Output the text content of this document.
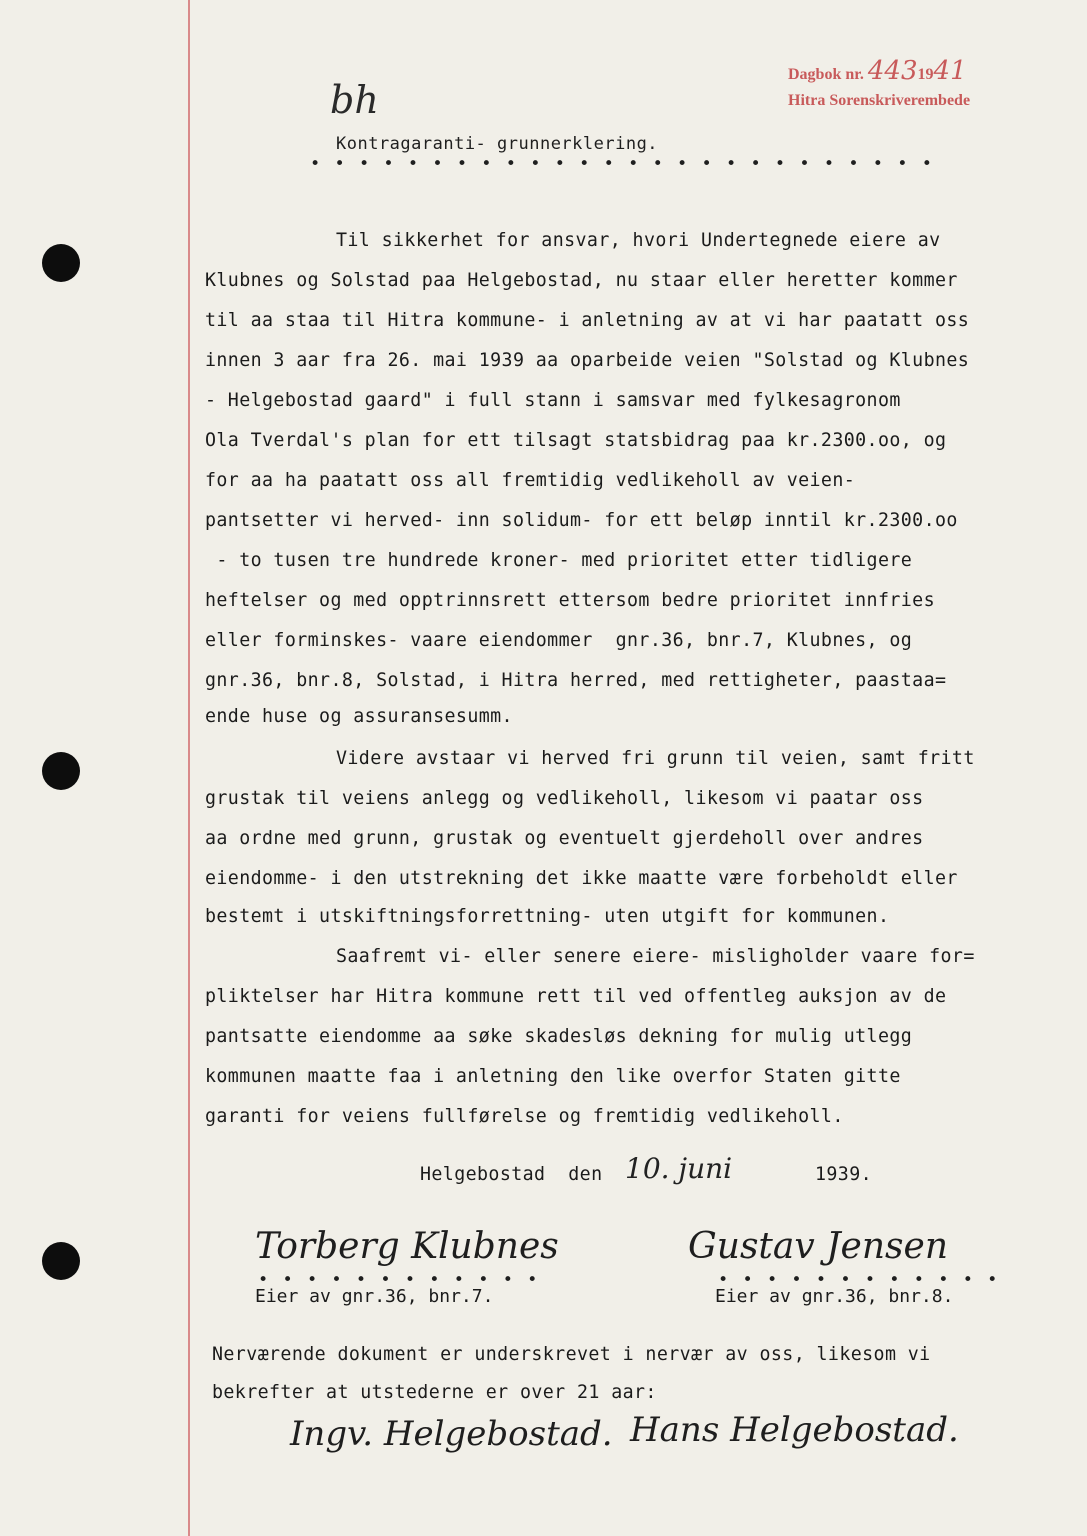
Dagbok nr. 4431941
Hitra Sorenskriverembede
bh
Kontragaranti- grunnerklering.
• • • • • • • • • • • • • • • • • • • • • • • • • •
Til sikkerhet for ansvar, hvori Undertegnede eiere av
Klubnes og Solstad paa Helgebostad, nu staar eller heretter kommer
til aa staa til Hitra kommune- i anletning av at vi har paatatt oss
innen 3 aar fra 26. mai 1939 aa oparbeide veien "Solstad og Klubnes
- Helgebostad gaard" i full stann i samsvar med fylkesagronom
Ola Tverdal's plan for ett tilsagt statsbidrag paa kr.2300.oo, og
for aa ha paatatt oss all fremtidig vedlikeholl av veien-
pantsetter vi herved- inn solidum- for ett beløp inntil kr.2300.oo
- to tusen tre hundrede kroner- med prioritet etter tidligere
heftelser og med opptrinnsrett ettersom bedre prioritet innfries
eller forminskes- vaare eiendommer  gnr.36, bnr.7, Klubnes, og
gnr.36, bnr.8, Solstad, i Hitra herred, med rettigheter, paastaa=
ende huse og assuransesumm.
Videre avstaar vi herved fri grunn til veien, samt fritt
grustak til veiens anlegg og vedlikeholl, likesom vi paatar oss
aa ordne med grunn, grustak og eventuelt gjerdeholl over andres
eiendomme- i den utstrekning det ikke maatte være forbeholdt eller
bestemt i utskiftningsforrettning- uten utgift for kommunen.
Saafremt vi- eller senere eiere- misligholder vaare for=
pliktelser har Hitra kommune rett til ved offentleg auksjon av de
pantsatte eiendomme aa søke skadesløs dekning for mulig utlegg
kommunen maatte faa i anletning den like overfor Staten gitte
garanti for veiens fullførelse og fremtidig vedlikeholl.
Helgebostad  den 10. juni	1939.
Torberg Klubnes
• • • • • • • • • • • •
Eier av gnr.36, bnr.7.
Gustav Jensen
• • • • • • • • • • • •
Eier av gnr.36, bnr.8.
Nerværende dokument er underskrevet i nervær av oss, likesom vi
bekrefter at utstederne er over 21 aar:
Ingv. Helgebostad. Hans Helgebostad.
